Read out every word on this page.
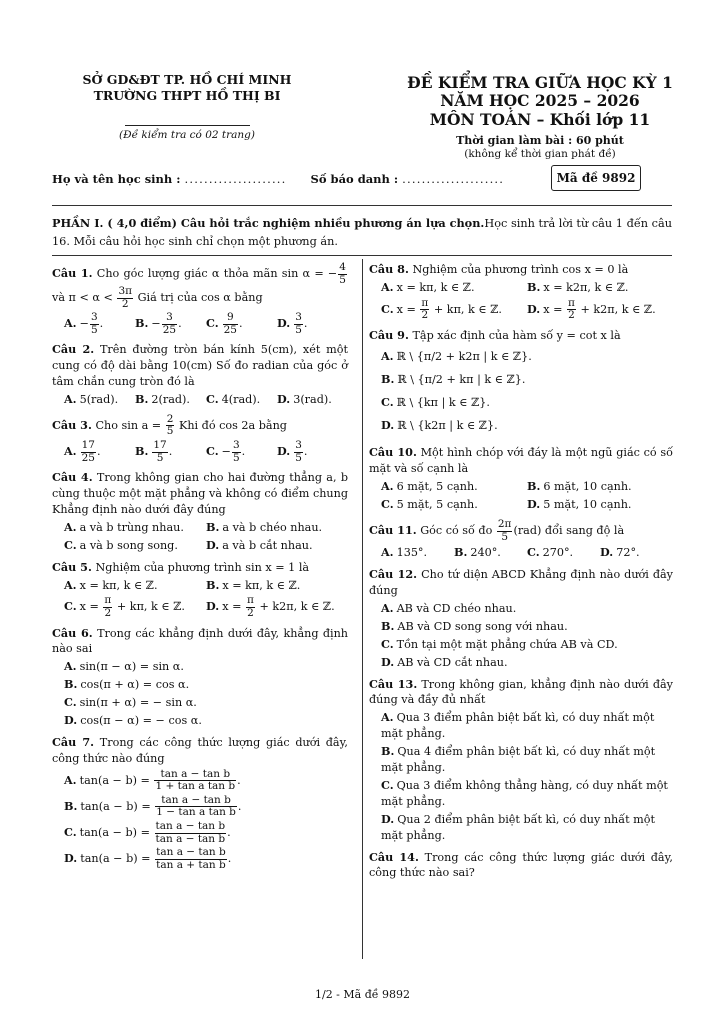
SỞ GD&ĐT TP. HỒ CHÍ MINH
TRƯỜNG THPT HỒ THỊ BI
(Đề kiểm tra có 02 trang)
ĐỀ KIỂM TRA GIỮA HỌC KỲ 1
NĂM HỌC 2025 – 2026
MÔN TOÁN – Khối lớp 11
Thời gian làm bài : 60 phút
(không kể thời gian phát đề)
Họ và tên học sinh : ..................... Số báo danh : .....................	Mã đề 9892
PHẦN I. ( 4,0 điểm) Câu hỏi trắc nghiệm nhiều phương án lựa chọn.Học sinh trả lời từ câu 1 đến câu 16. Mỗi câu hỏi học sinh chỉ chọn một phương án.
Câu 1. Cho góc lượng giác α thỏa mãn sin α = − $\frac{4}{5}$
và $\pi < \alpha < \frac{3\pi}{2}$ Giá trị của cos α bằng
A. − $\frac{3}{5}$ .	B. − $\frac{3}{25}$ .	C. $\frac{9}{25}$ .	D. $\frac{3}{5}$ .
Câu 2. Trên đường tròn bán kính 5(cm), xét một cung có độ dài bằng 10(cm) Số đo radian của góc ở tâm chắn cung tròn đó là
A. 5(rad).	B. 2(rad).	C. 4(rad).	D. 3(rad).
Câu 3. Cho $\sin a = \frac{2}{5}$ Khi đó cos 2a bằng
A. $\frac{17}{25}$ .	B. $\frac{17}{5}$ .	C. − $\frac{3}{5}$ .	D. $\frac{3}{5}$ .
Câu 4. Trong không gian cho hai đường thẳng a, b cùng thuộc một mặt phẳng và không có điểm chung Khẳng định nào dưới đây đúng
A. a và b trùng nhau.	B. a và b chéo nhau.
C. a và b song song.	D. a và b cắt nhau.
Câu 5. Nghiệm của phương trình sin x = 1 là
A. x = kπ, k ∈ ℤ.	B. x = kπ, k ∈ ℤ.
C. $x = \frac{\pi}{2} + k\pi$, k ∈ ℤ.	D. $x = \frac{\pi}{2} + k2\pi$, k ∈ ℤ.
Câu 6. Trong các khẳng định dưới đây, khẳng định nào sai
A. sin(π − α) = sin α.
B. cos(π + α) = cos α.
C. sin(π + α) = − sin α.
D. cos(π − α) = − cos α.
Câu 7. Trong các công thức lượng giác dưới đây, công thức nào đúng
A. $\tan(a - b) = \frac{\text{tan a − tan b}}{\text{1 + tan a tan b}}$ .
B. $\tan(a - b) = \frac{\text{tan a − tan b}}{\text{1 − tan a tan b}}$ .
C. $\tan(a - b) = \frac{\text{tan a − tan b}}{\text{tan a − tan b}}$ .
D. $\tan(a - b) = \frac{\text{tan a − tan b}}{\text{tan a + tan b}}$ .
Câu 8. Nghiệm của phương trình cos x = 0 là
A. x = kπ, k ∈ ℤ.	B. x = k2π, k ∈ ℤ.
C. $x = \frac{\pi}{2} + k\pi$, k ∈ ℤ.	D. $x = \frac{\pi}{2} + k2\pi$, k ∈ ℤ.
Câu 9. Tập xác định của hàm số y = cot x là
A. ℝ \ {π/2 + k2π | k ∈ ℤ}.
B. ℝ \ {π/2 + kπ | k ∈ ℤ}.
C. ℝ \ {kπ | k ∈ ℤ}.
D. ℝ \ {k2π | k ∈ ℤ}.
Câu 10. Một hình chóp với đáy là một ngũ giác có số mặt và số cạnh là
A. 6 mặt, 5 cạnh.	B. 6 mặt, 10 cạnh.
C. 5 mặt, 5 cạnh.	D. 5 mặt, 10 cạnh.
Câu 11. Góc có số đo $\frac{2\pi}{5} (rad)$ đổi sang độ là
A. 135°.	B. 240°.	C. 270°.	D. 72°.
Câu 12. Cho tứ diện ABCD Khẳng định nào dưới đây đúng
A. AB và CD chéo nhau.
B. AB và CD song song với nhau.
C. Tồn tại một mặt phẳng chứa AB và CD.
D. AB và CD cắt nhau.
Câu 13. Trong không gian, khẳng định nào dưới đây đúng và đầy đủ nhất
A. Qua 3 điểm phân biệt bất kì, có duy nhất một mặt phẳng.
B. Qua 4 điểm phân biệt bất kì, có duy nhất một mặt phẳng.
C. Qua 3 điểm không thẳng hàng, có duy nhất một mặt phẳng.
D. Qua 2 điểm phân biệt bất kì, có duy nhất một mặt phẳng.
Câu 14. Trong các công thức lượng giác dưới đây, công thức nào sai?
1/2 - Mã đề 9892
